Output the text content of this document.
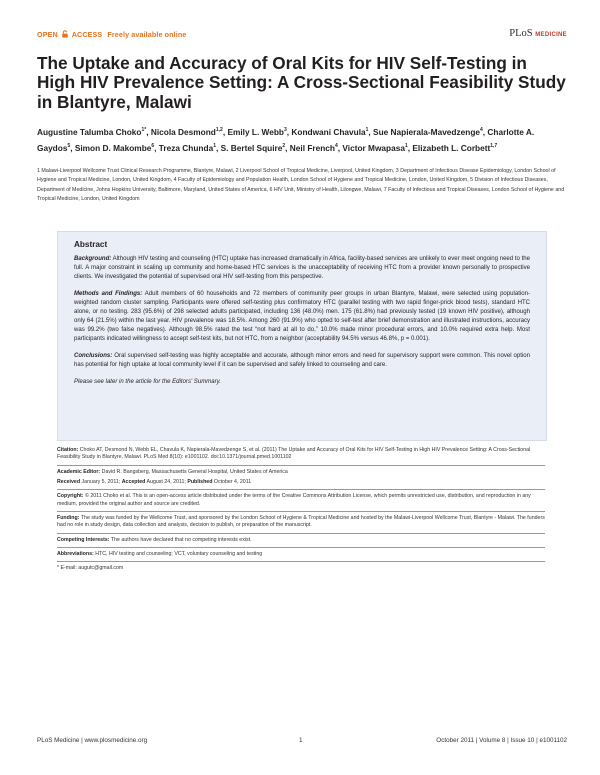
OPEN ACCESS Freely available online	PLoS MEDICINE
The Uptake and Accuracy of Oral Kits for HIV Self-Testing in High HIV Prevalence Setting: A Cross-Sectional Feasibility Study in Blantyre, Malawi
Augustine Talumba Choko$^{1*}$, Nicola Desmond$^{1,2}$, Emily L. Webb$^3$, Kondwani Chavula$^1$, Sue Napierala-Mavedzenge$^4$, Charlotte A. Gaydos$^5$, Simon D. Makombe$^6$, Treza Chunda$^1$, S. Bertel Squire$^2$, Neil French$^4$, Victor Mwapasa$^1$, Elizabeth L. Corbett$^{1,7}$

1 Malawi-Liverpool Wellcome Trust Clinical Research Programme, Blantyre, Malawi, 2 Liverpool School of Tropical Medicine, Liverpool, United Kingdom, 3 Department of Infectious Disease Epidemiology, London School of Hygiene and Tropical Medicine, London, United Kingdom, 4 Faculty of Epidemiology and Population Health, London School of Hygiene and Tropical Medicine, London, United Kingdom, 5 Division of Infectious Diseases, Department of Medicine, Johns Hopkins University, Baltimore, Maryland, United States of America, 6 HIV Unit, Ministry of Health, Lilongwe, Malawi, 7 Faculty of Infectious and Tropical Diseases, London School of Hygiene and Tropical Medicine, London, United Kingdom

Abstract

Background: Although HIV testing and counseling (HTC) uptake has increased dramatically in Africa, facility-based services are unlikely to ever meet ongoing need to the full. A major constraint in scaling up community and home-based HTC services is the unacceptability of receiving HTC from a provider known personally to prospective clients. We investigated the potential of supervised oral HIV self-testing from this perspective.

Methods and Findings: Adult members of 60 households and 72 members of community peer groups in urban Blantyre, Malawi, were selected using population-weighted random cluster sampling. Participants were offered self-testing plus confirmatory HTC (parallel testing with two rapid finger-prick blood tests), standard HTC alone, or no testing. 283 (95.6%) of 298 selected adults participated, including 136 (48.0%) men. 175 (61.8%) had previously tested (19 known HIV positive), although only 64 (21.5%) within the last year. HIV prevalence was 18.5%. Among 260 (91.9%) who opted to self-test after brief demonstration and illustrated instructions, accuracy was 99.2% (two false negatives). Although 98.5% rated the test “not hard at all to do,” 10.0% made minor procedural errors, and 10.0% required extra help. Most participants indicated willingness to accept self-test kits, but not HTC, from a neighbor (acceptability 94.5% versus 46.8%, p = 0.001).

Conclusions: Oral supervised self-testing was highly acceptable and accurate, although minor errors and need for supervisory support were common. This novel option has potential for high uptake at local community level if it can be supervised and safely linked to counseling and care.

Please see later in the article for the Editors' Summary.

Citation: Choko AT, Desmond N, Webb EL, Chavula K, Napierala-Mavedzenge S, et al. (2011) The Uptake and Accuracy of Oral Kits for HIV Self-Testing in High HIV Prevalence Setting: A Cross-Sectional Feasibility Study in Blantyre, Malawi. PLoS Med 8(10): e1001102. doi:10.1371/journal.pmed.1001102

Academic Editor: David R. Bangsberg, Massachusetts General Hospital, United States of America

Received January 5, 2011; Accepted August 24, 2011; Published October 4, 2011

Copyright: © 2011 Choko et al. This is an open-access article distributed under the terms of the Creative Commons Attribution License, which permits unrestricted use, distribution, and reproduction in any medium, provided the original author and source are credited.

Funding: The study was funded by the Wellcome Trust, and sponsored by the London School of Hygiene & Tropical Medicine and hosted by the Malawi-Liverpool Wellcome Trust, Blantyre - Malawi. The funders had no role in study design, data collection and analysis, decision to publish, or preparation of the manuscript.

Competing Interests: The authors have declared that no competing interests exist.

Abbreviations: HTC, HIV testing and counseling; VCT, voluntary counseling and testing

* E-mail: augutc@gmail.com

PLoS Medicine | www.plosmedicine.org	1	October 2011 | Volume 8 | Issue 10 | e1001102
